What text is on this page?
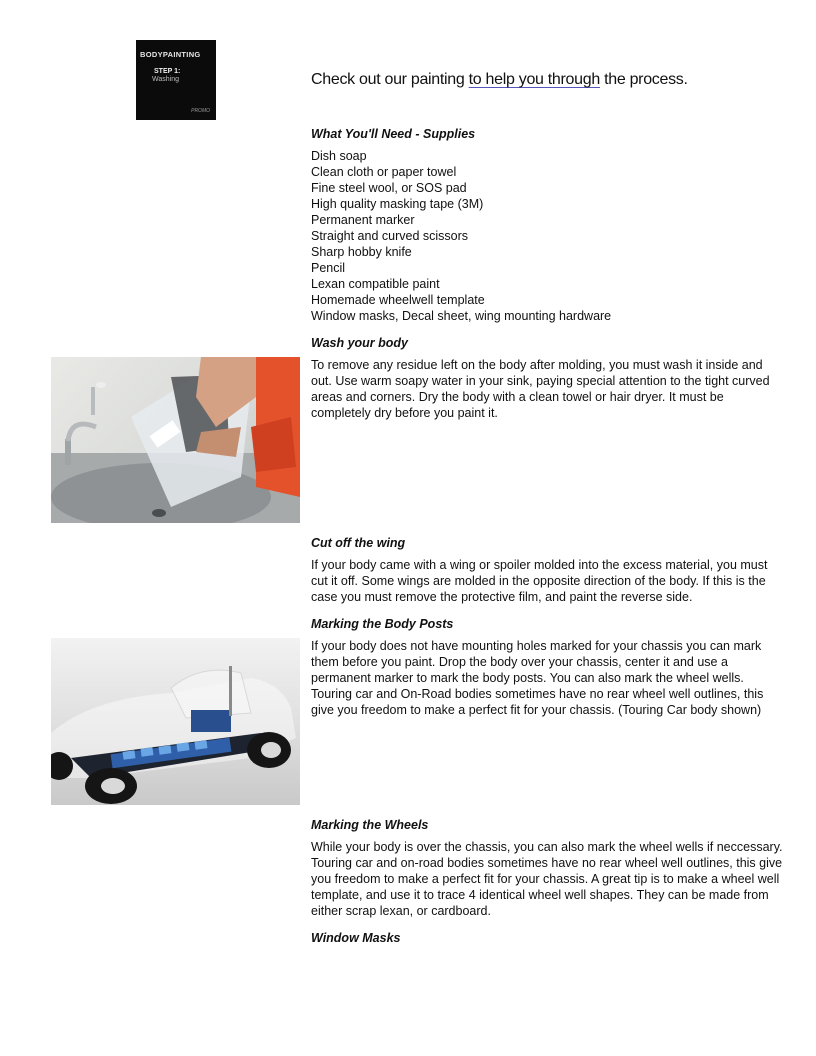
BODYPAINTING
STEP 1:
Washing
PROMO
Check out our painting to help you through the process.
What You'll Need - Supplies
Dish soap
Clean cloth or paper towel
Fine steel wool, or SOS pad
High quality masking tape (3M)
Permanent marker
Straight and curved scissors
Sharp hobby knife
Pencil
Lexan compatible paint
Homemade wheelwell template
Window masks, Decal sheet, wing mounting hardware
Wash your body
To remove any residue left on the body after molding, you must wash it inside and out. Use warm soapy water in your sink, paying special attention to the tight curved areas and corners. Dry the body with a clean towel or hair dryer. It must be completely dry before you paint it.
Cut off the wing
If your body came with a wing or spoiler molded into the excess material, you must cut it off. Some wings are molded in the opposite direction of the body. If this is the case you must remove the protective film, and paint the reverse side.
Marking the Body Posts
If your body does not have mounting holes marked for your chassis you can mark them before you paint. Drop the body over your chassis, center it and use a permanent marker to mark the body posts. You can also mark the wheel wells. Touring car and On-Road bodies sometimes have no rear wheel well outlines, this give you freedom to make a perfect fit for your chassis. (Touring Car body shown)
Marking the Wheels
While your body is over the chassis, you can also mark the wheel wells if neccessary. Touring car and on-road bodies sometimes have no rear wheel well outlines, this give you freedom to make a perfect fit for your chassis. A great tip is to make a wheel well template, and use it to trace 4 identical wheel well shapes. They can be made from either scrap lexan, or cardboard.
Window Masks
